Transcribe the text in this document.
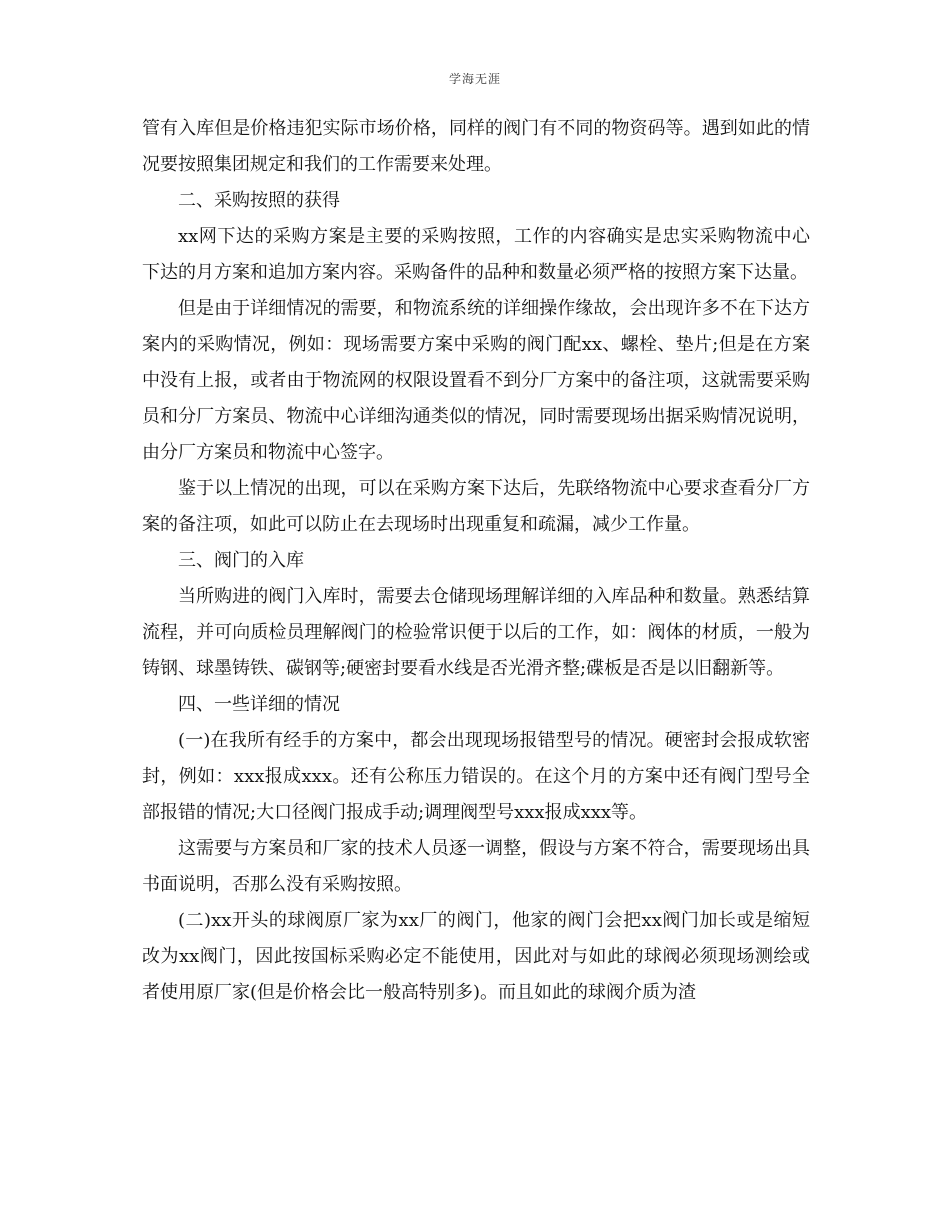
学海无涯

管有入库但是价格违犯实际市场价格，同样的阀门有不同的物资码等。遇到如此的情况要按照集团规定和我们的工作需要来处理。

二、采购按照的获得

xx网下达的采购方案是主要的采购按照，工作的内容确实是忠实采购物流中心下达的月方案和追加方案内容。采购备件的品种和数量必须严格的按照方案下达量。

但是由于详细情况的需要，和物流系统的详细操作缘故，会出现许多不在下达方案内的采购情况，例如：现场需要方案中采购的阀门配xx、螺栓、垫片;但是在方案中没有上报，或者由于物流网的权限设置看不到分厂方案中的备注项，这就需要采购员和分厂方案员、物流中心详细沟通类似的情况，同时需要现场出据采购情况说明，由分厂方案员和物流中心签字。

鉴于以上情况的出现，可以在采购方案下达后，先联络物流中心要求查看分厂方案的备注项，如此可以防止在去现场时出现重复和疏漏，减少工作量。

三、阀门的入库

当所购进的阀门入库时，需要去仓储现场理解详细的入库品种和数量。熟悉结算流程，并可向质检员理解阀门的检验常识便于以后的工作，如：阀体的材质，一般为铸钢、球墨铸铁、碳钢等;硬密封要看水线是否光滑齐整;碟板是否是以旧翻新等。

四、一些详细的情况

(一)在我所有经手的方案中，都会出现现场报错型号的情况。硬密封会报成软密封，例如：xxx报成xxx。还有公称压力错误的。在这个月的方案中还有阀门型号全部报错的情况;大口径阀门报成手动;调理阀型号xxx报成xxx等。

这需要与方案员和厂家的技术人员逐一调整，假设与方案不符合，需要现场出具书面说明，否那么没有采购按照。

(二)xx开头的球阀原厂家为xx厂的阀门，他家的阀门会把xx阀门加长或是缩短改为xx阀门，因此按国标采购必定不能使用，因此对与如此的球阀必须现场测绘或者使用原厂家(但是价格会比一般高特别多)。而且如此的球阀介质为渣
